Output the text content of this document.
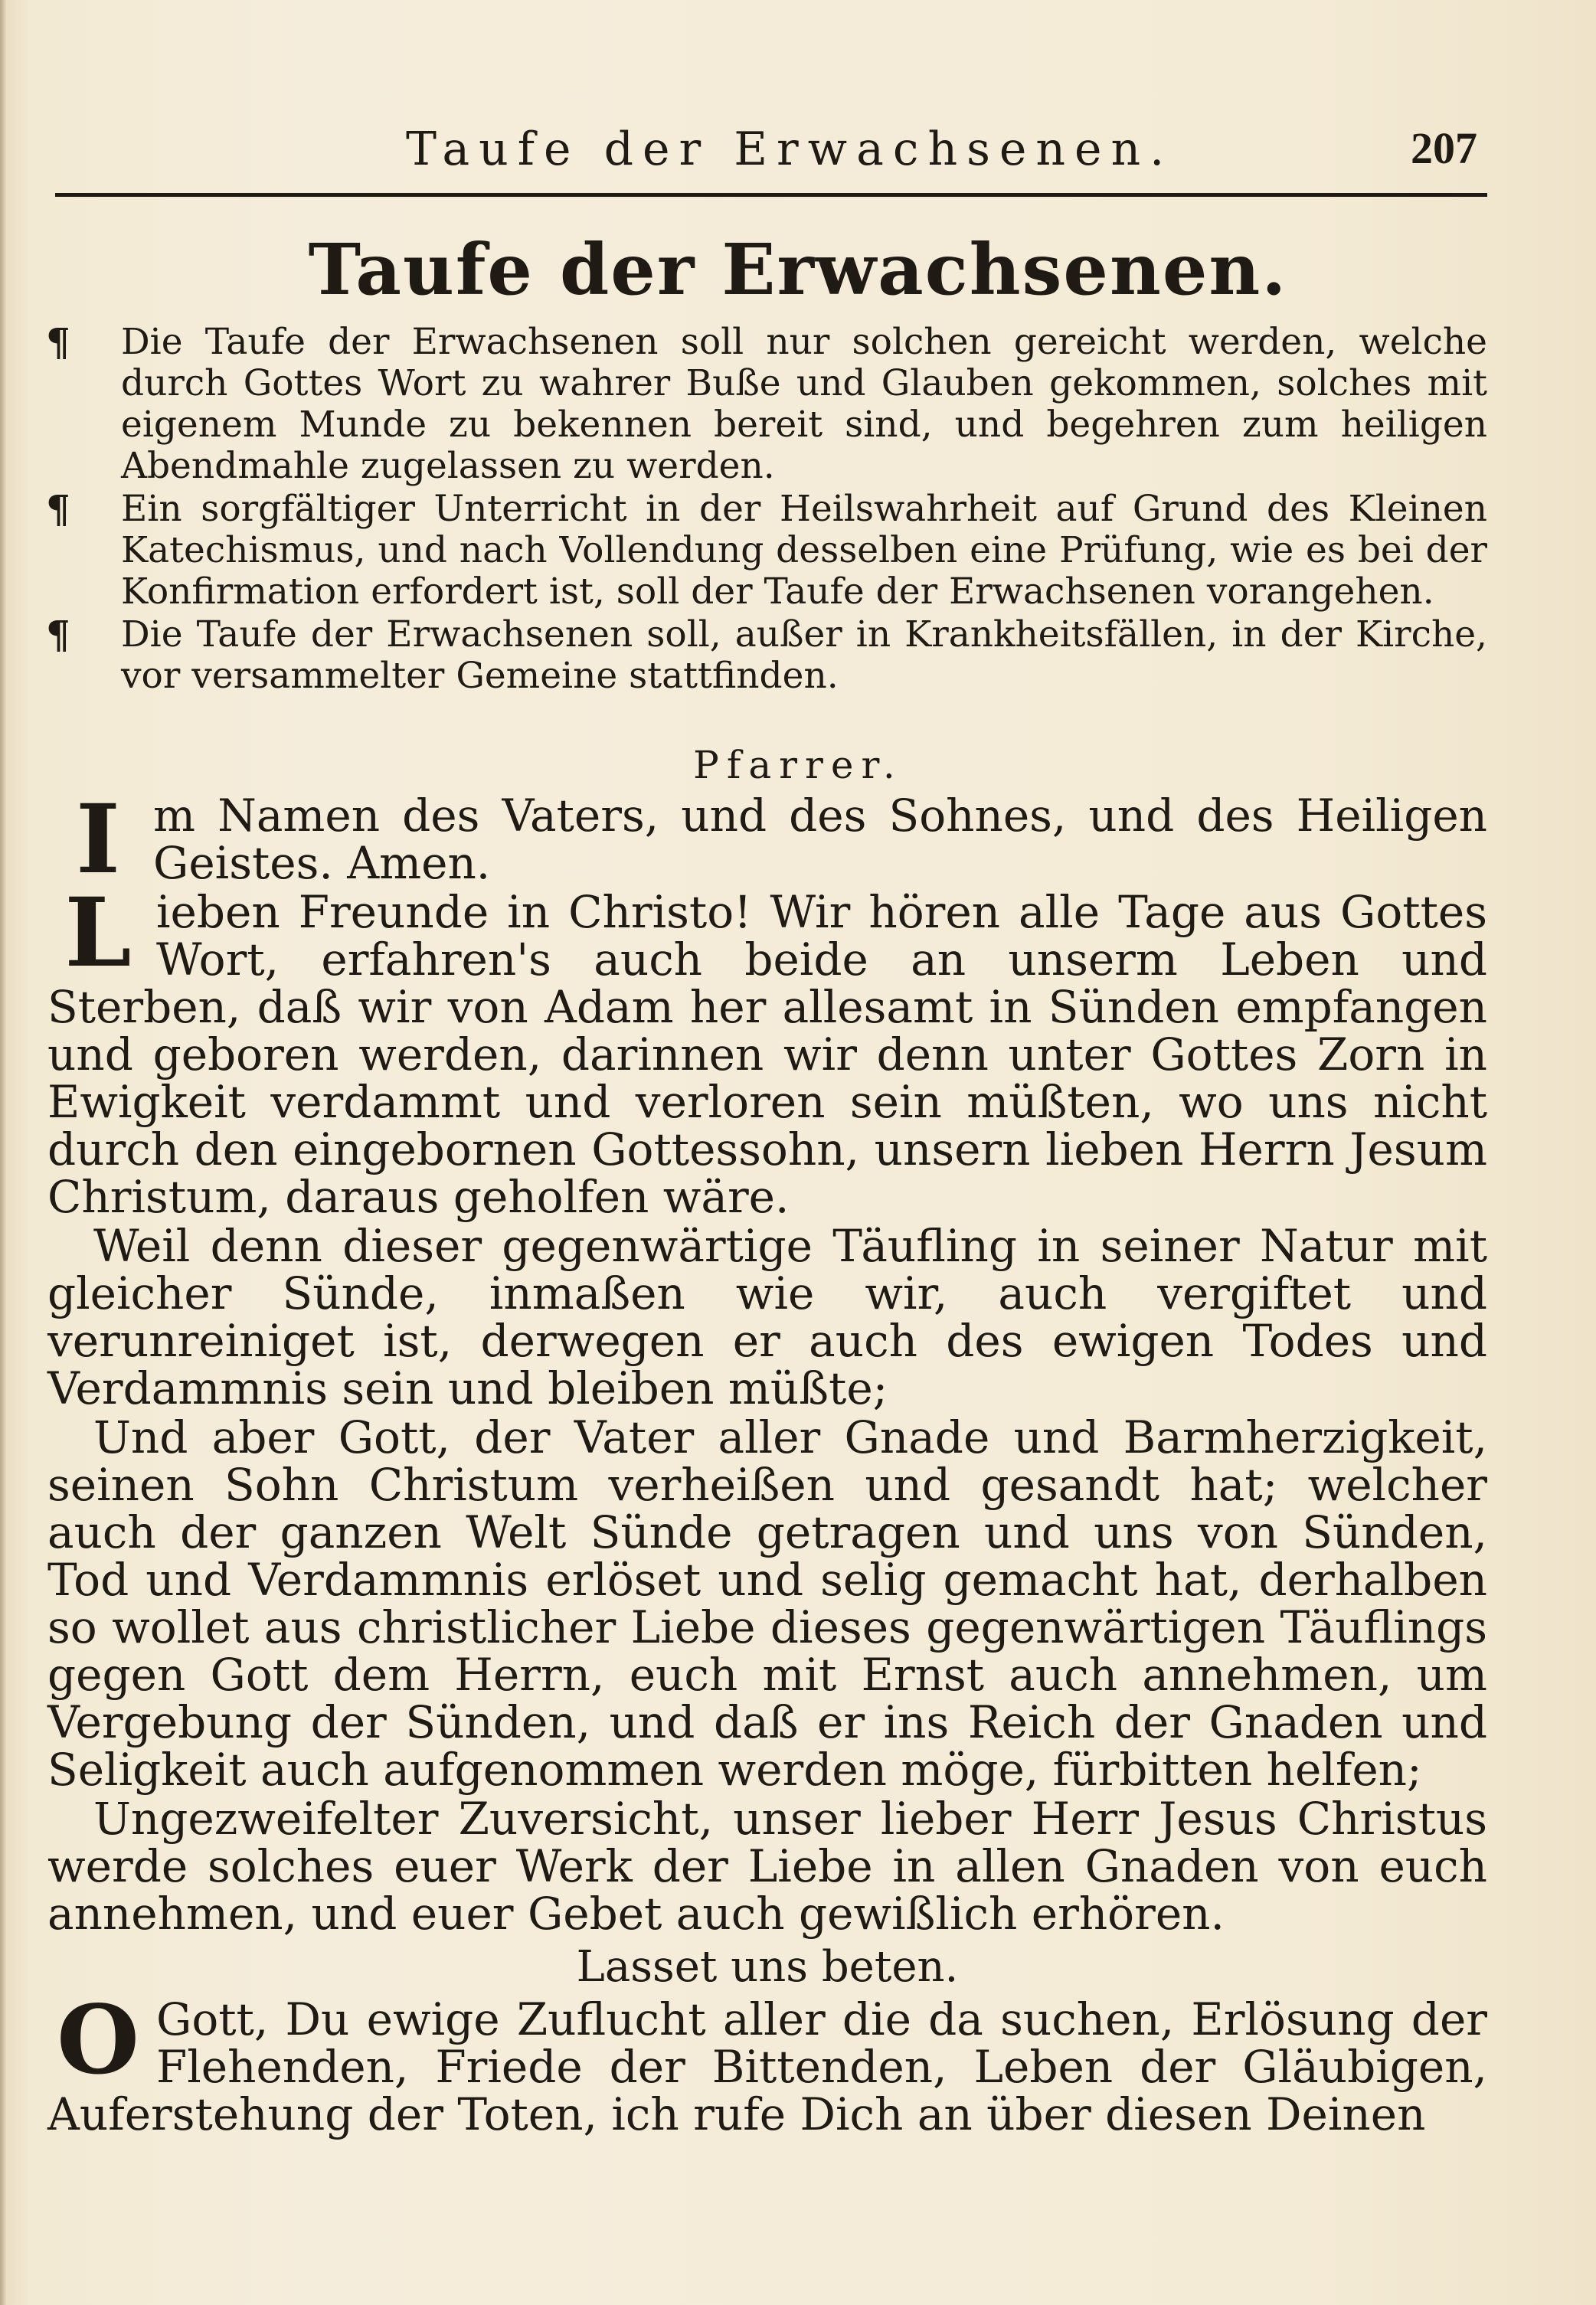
Taufe der Erwachsenen.	207
Taufe der Erwachsenen.
¶ Die Taufe der Erwachsenen soll nur solchen gereicht werden, welche durch Gottes Wort zu wahrer Buße und Glauben gekommen, solches mit eigenem Munde zu bekennen bereit sind, und begehren zum heiligen Abendmahle zugelassen zu werden.
¶ Ein sorgfältiger Unterricht in der Heilswahrheit auf Grund des Kleinen Katechismus, und nach Vollendung desselben eine Prüfung, wie es bei der Konfirmation erfordert ist, soll der Taufe der Erwachsenen vorangehen.
¶ Die Taufe der Erwachsenen soll, außer in Krankheitsfällen, in der Kirche, vor versammelter Gemeine stattfinden.
Pfarrer.
I m Namen des Vaters, und des Sohnes, und des Heiligen Geistes. Amen.
L ieben Freunde in Christo! Wir hören alle Tage aus Gottes Wort, erfahren's auch beide an unserm Leben und Sterben, daß wir von Adam her allesamt in Sünden empfangen und geboren werden, darinnen wir denn unter Gottes Zorn in Ewigkeit verdammt und verloren sein müßten, wo uns nicht durch den eingebornen Gottessohn, unsern lieben Herrn Jesum Christum, daraus geholfen wäre.
Weil denn dieser gegenwärtige Täufling in seiner Natur mit gleicher Sünde, inmaßen wie wir, auch vergiftet und verunreiniget ist, derwegen er auch des ewigen Todes und Verdammnis sein und bleiben müßte;
Und aber Gott, der Vater aller Gnade und Barmherzigkeit, seinen Sohn Christum verheißen und gesandt hat; welcher auch der ganzen Welt Sünde getragen und uns von Sünden, Tod und Verdammnis erlöset und selig gemacht hat, derhalben so wollet aus christlicher Liebe dieses gegenwärtigen Täuflings gegen Gott dem Herrn, euch mit Ernst auch annehmen, um Vergebung der Sünden, und daß er ins Reich der Gnaden und Seligkeit auch aufgenommen werden möge, fürbitten helfen;
Ungezweifelter Zuversicht, unser lieber Herr Jesus Christus werde solches euer Werk der Liebe in allen Gnaden von euch annehmen, und euer Gebet auch gewißlich erhören.
Lasset uns beten.
O Gott, Du ewige Zuflucht aller die da suchen, Erlösung der Flehenden, Friede der Bittenden, Leben der Gläubigen, Auferstehung der Toten, ich rufe Dich an über diesen Deinen
